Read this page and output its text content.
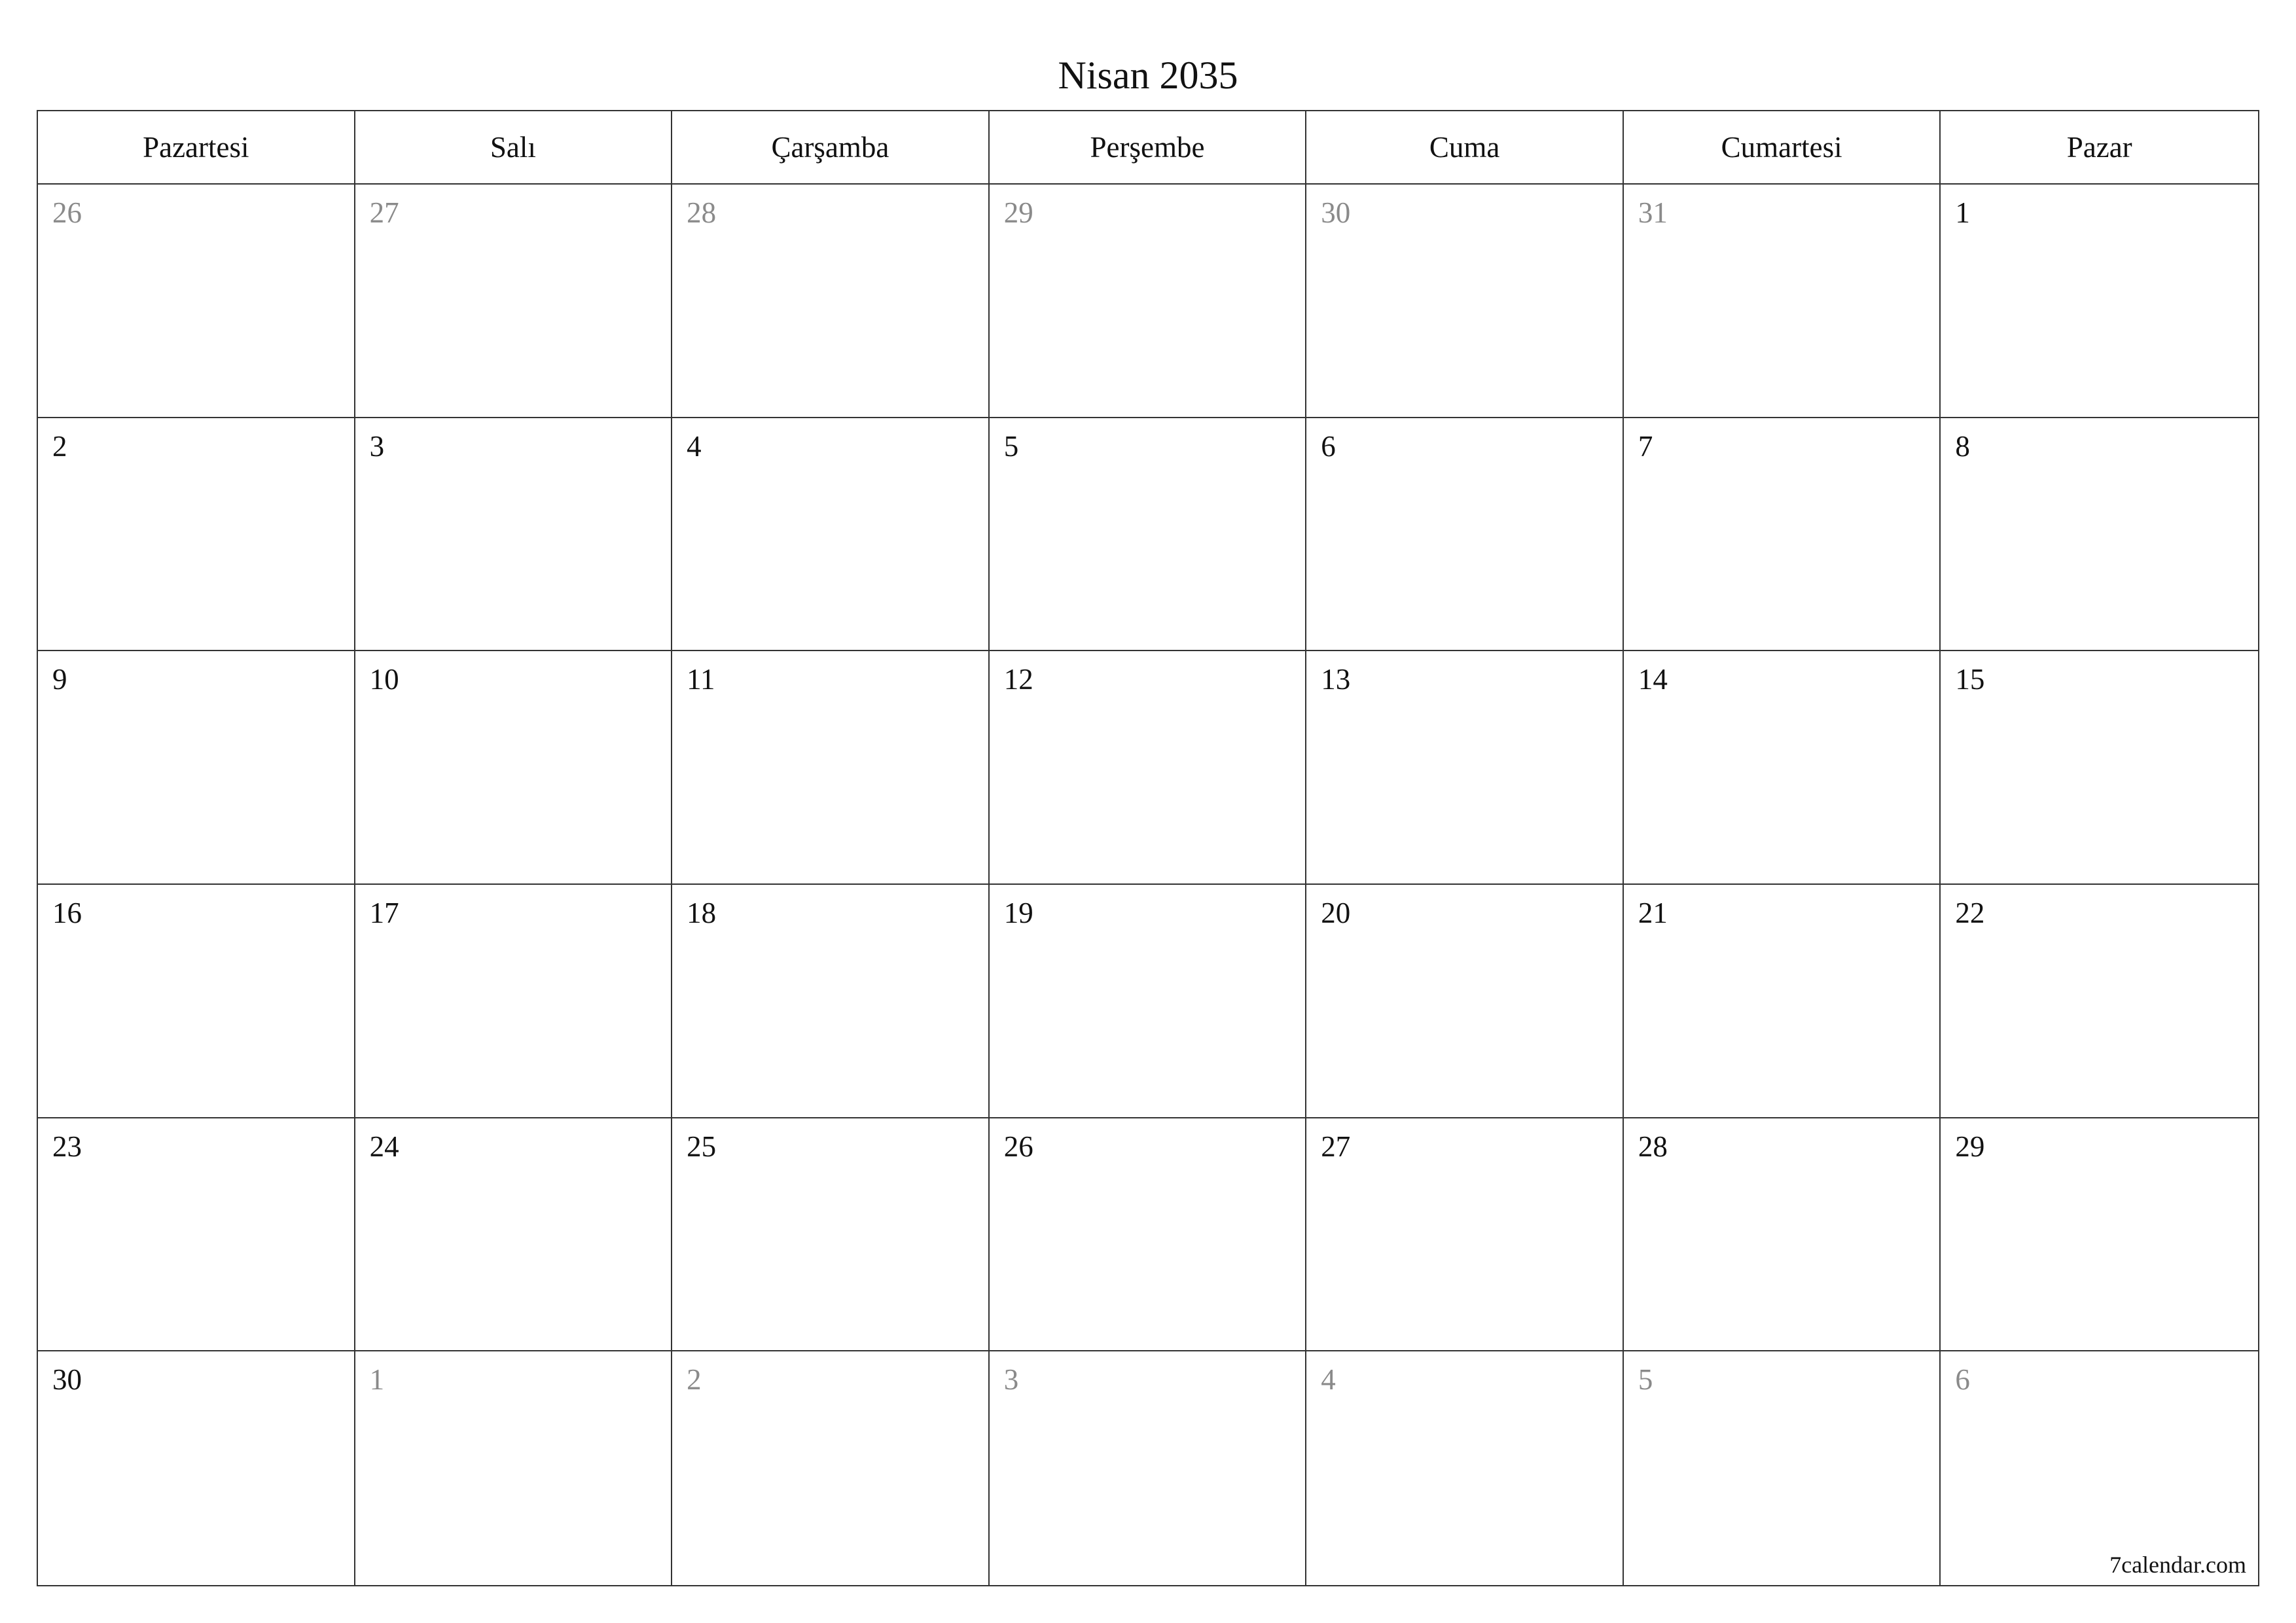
Nisan 2035
Pazartesi	Salı	Çarşamba	Perşembe	Cuma	Cumartesi	Pazar
26	27	28	29	30	31	1
2	3	4	5	6	7	8
9	10	11	12	13	14	15
16	17	18	19	20	21	22
23	24	25	26	27	28	29
30	1	2	3	4	5	6
7calendar.com
